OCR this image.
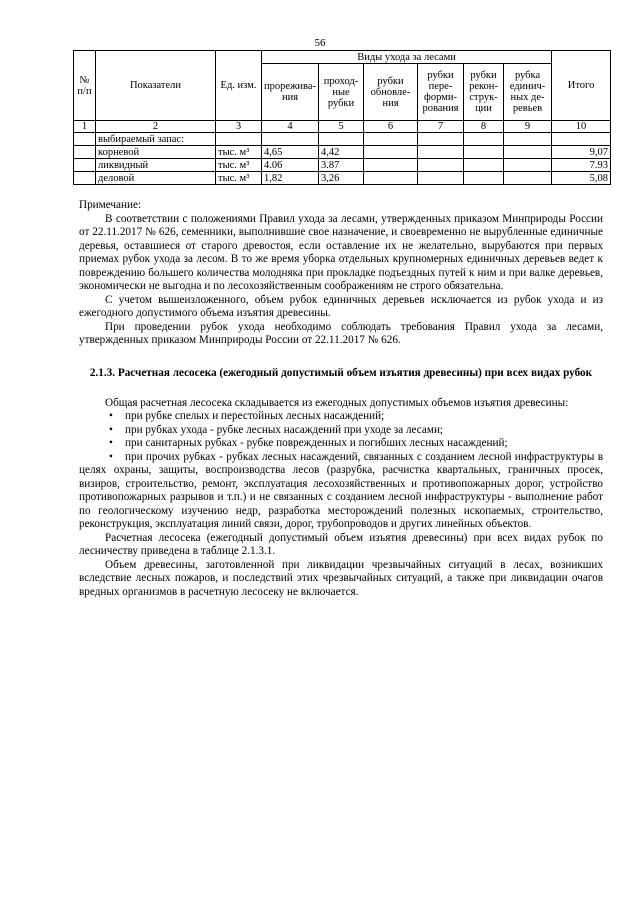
56
№ п/п	Показатели	Ед. изм.	Виды ухода за лесами						Итого
			прорежива-ния	проход-ные рубки	рубки обновле-ния	рубки пере-форми-рования	рубки рекон-струк-ции	рубка единич-ных де-ревьев	
1	2	3	4	5	6	7	8	9	10
	выбираемый запас:								
	корневой	тыс. м³	4,65	4,42					9,07
	ликвидный	тыс. м³	4.06	3.87					7.93
	деловой	тыс. м³	1,82	3,26					5,08

Примечание:

В соответствии с положениями Правил ухода за лесами, утвержденных приказом Минприроды России от 22.11.2017 № 626, семенники, выполнившие свое назначение, и своевременно не вырубленные единичные деревья, оставшиеся от старого древостоя, если оставление их не желательно, вырубаются при первых приемах рубок ухода за лесом. В то же время уборка отдельных крупномерных единичных деревьев ведет к повреждению большего количества молодняка при прокладке подъездных путей к ним и при валке деревьев, экономически не выгодна и по лесохозяйственным соображениям не строго обязательна.

С учетом вышеизложенного, объем рубок единичных деревьев исключается из рубок ухода и из ежегодного допустимого объема изъятия древесины.

При проведении рубок ухода необходимо соблюдать требования Правил ухода за лесами, утвержденных приказом Минприроды России от 22.11.2017 № 626.

2.1.3. Расчетная лесосека (ежегодный допустимый объем изъятия древесины) при всех видах рубок

Общая расчетная лесосека складывается из ежегодных допустимых объемов изъятия древесины:

• при рубке спелых и перестойных лесных насаждений;
• при рубках ухода - рубке лесных насаждений при уходе за лесами;
• при санитарных рубках - рубке поврежденных и погибших лесных насаждений;
• при прочих рубках - рубках лесных насаждений, связанных с созданием лесной инфраструктуры в целях охраны, защиты, воспроизводства лесов (разрубка, расчистка квартальных, граничных просек, визиров, строительство, ремонт, эксплуатация лесохозяйственных и противопожарных дорог, устройство противопожарных разрывов и т.п.) и не связанных с созданием лесной инфраструктуры - выполнение работ по геологическому изучению недр, разработка месторождений полезных ископаемых, строительство, реконструкция, эксплуатация линий связи, дорог, трубопроводов и других линейных объектов.

Расчетная лесосека (ежегодный допустимый объем изъятия древесины) при всех видах рубок по лесничеству приведена в таблице 2.1.3.1.

Объем древесины, заготовленной при ликвидации чрезвычайных ситуаций в лесах, возникших вследствие лесных пожаров, и последствий этих чрезвычайных ситуаций, а также при ликвидации очагов вредных организмов в расчетную лесосеку не включается.
